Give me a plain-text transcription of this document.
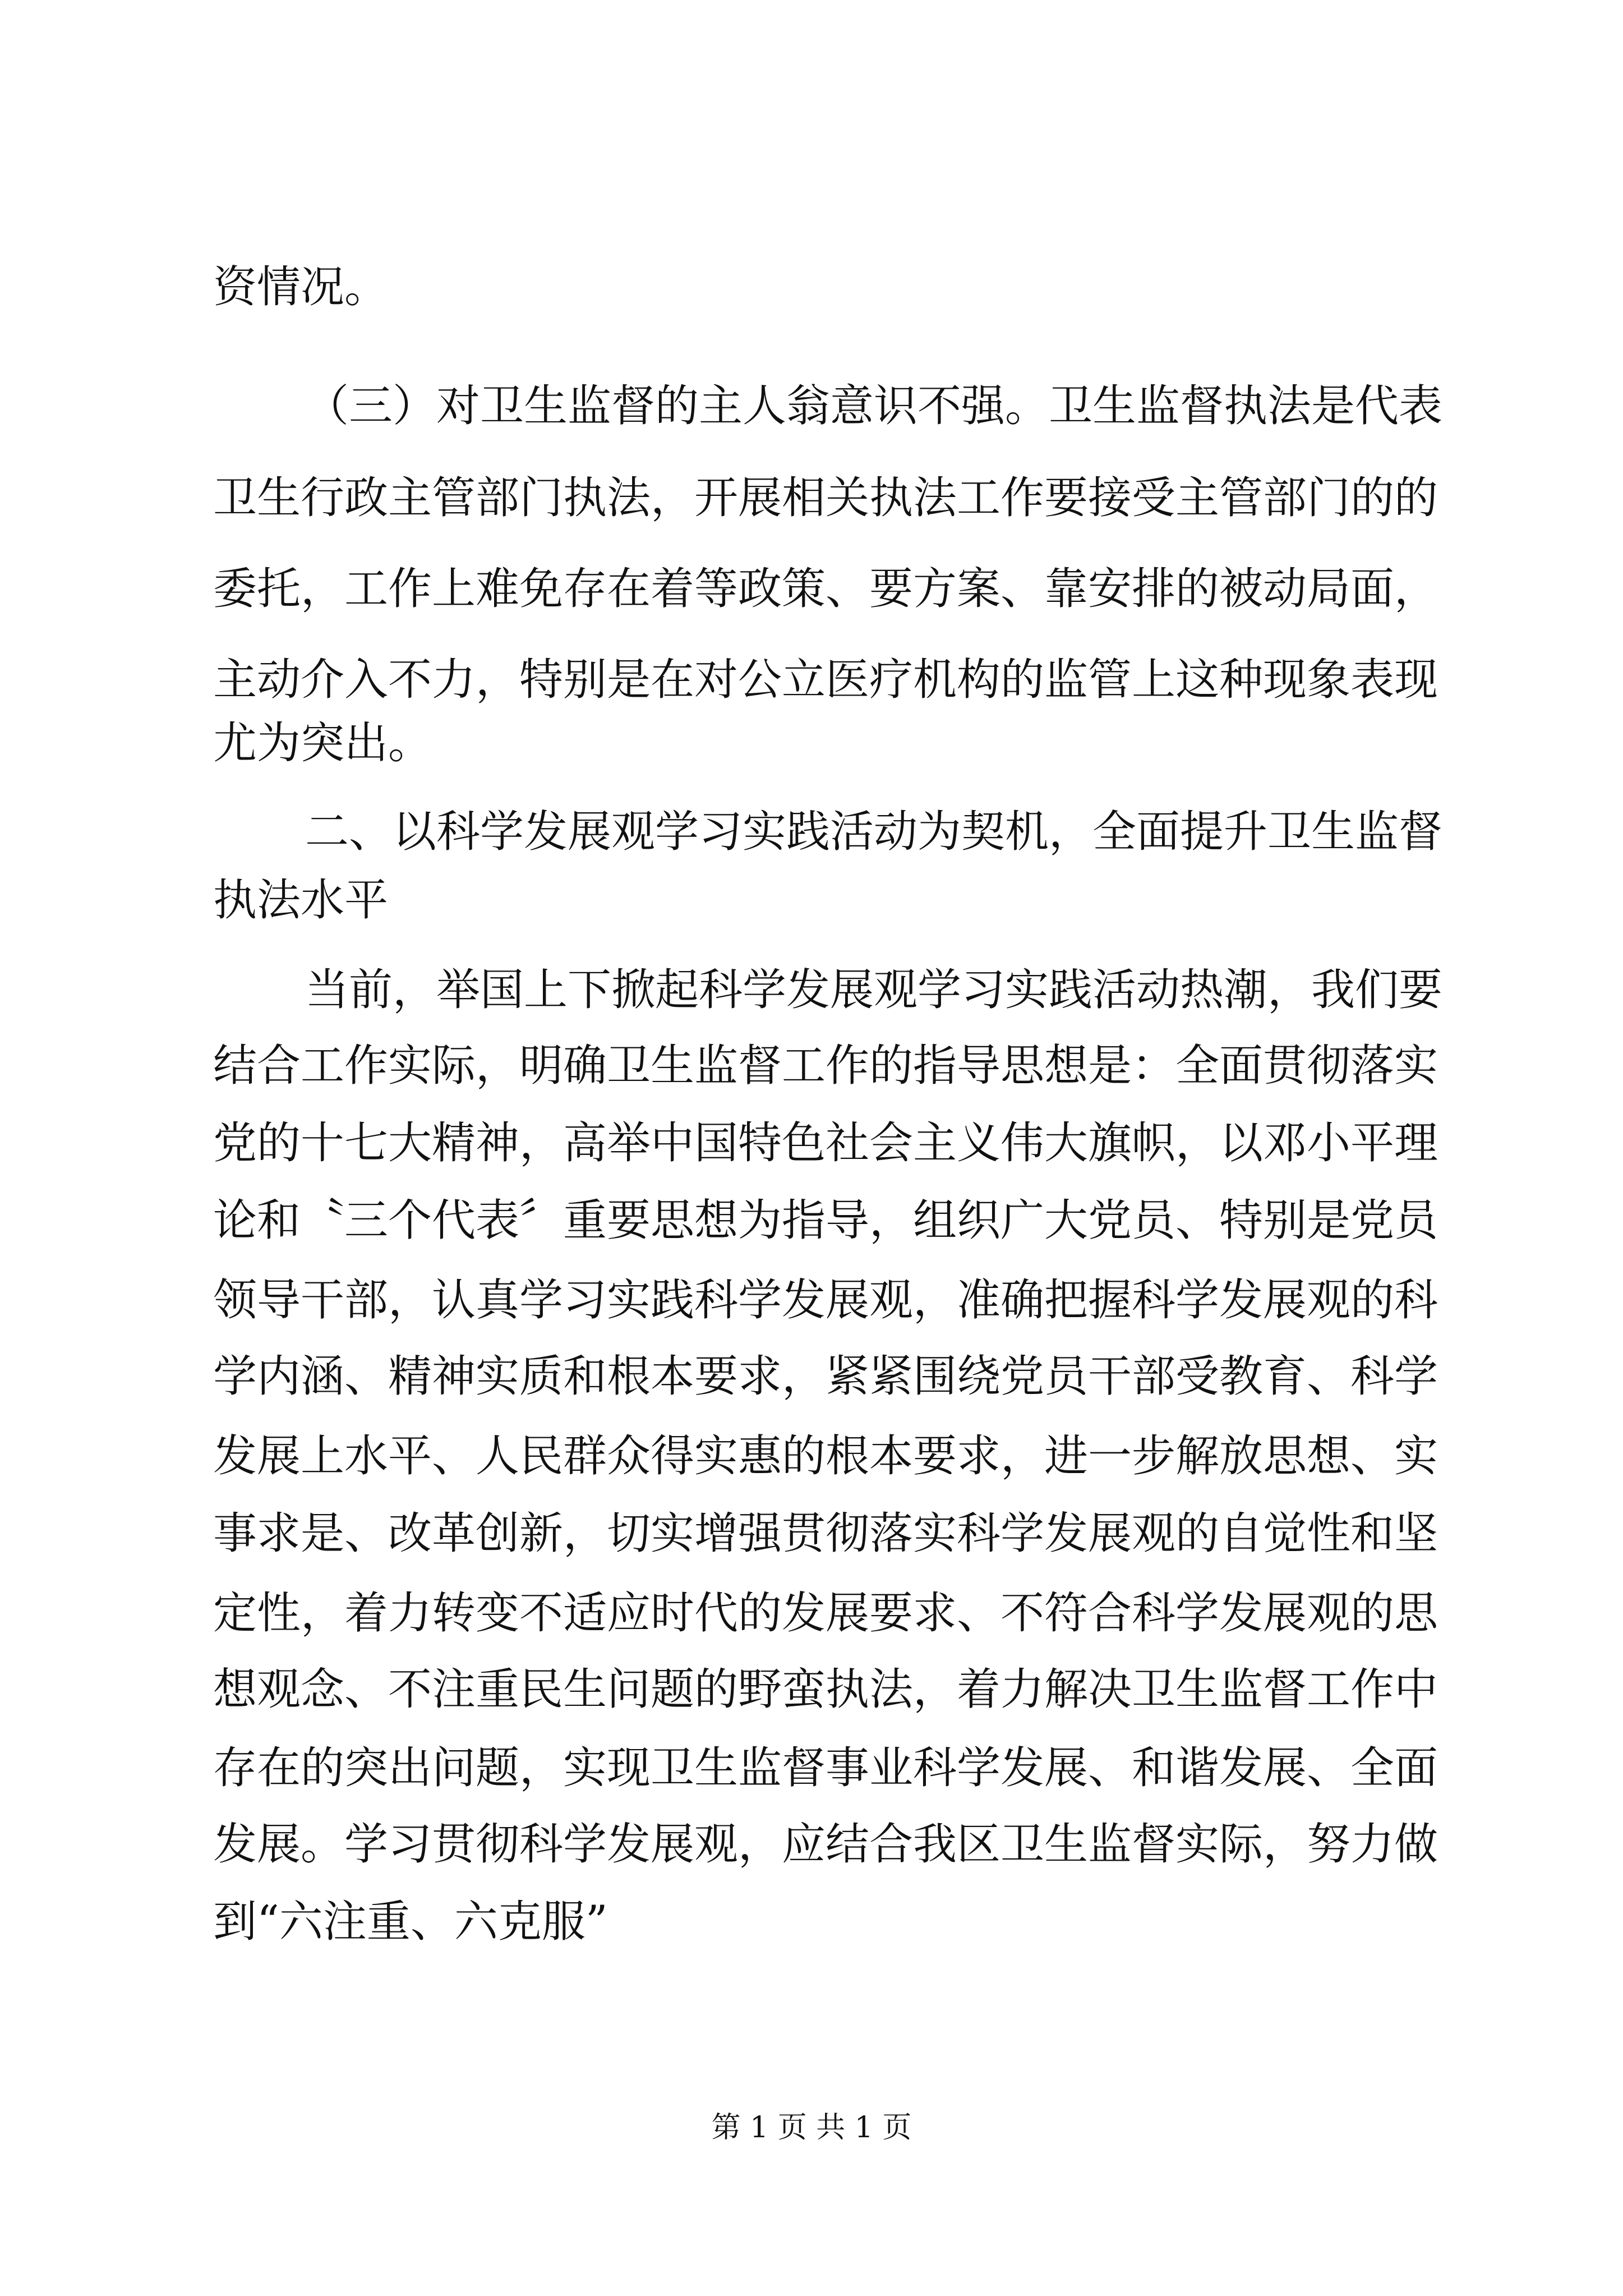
资情况。
（三）对卫生监督的主人翁意识不强。卫生监督执法是代表
卫生行政主管部门执法，开展相关执法工作要接受主管部门的的
委托，工作上难免存在着等政策、要方案、靠安排的被动局面，
主动介入不力，特别是在对公立医疗机构的监管上这种现象表现
尤为突出。
二、以科学发展观学习实践活动为契机，全面提升卫生监督
执法水平
当前，举国上下掀起科学发展观学习实践活动热潮，我们要
结合工作实际，明确卫生监督工作的指导思想是：全面贯彻落实
党的十七大精神，高举中国特色社会主义伟大旗帜，以邓小平理
论和〝三个代表〞重要思想为指导，组织广大党员、特别是党员
领导干部，认真学习实践科学发展观，准确把握科学发展观的科
学内涵、精神实质和根本要求，紧紧围绕党员干部受教育、科学
发展上水平、人民群众得实惠的根本要求，进一步解放思想、实
事求是、改革创新，切实增强贯彻落实科学发展观的自觉性和坚
定性，着力转变不适应时代的发展要求、不符合科学发展观的思
想观念、不注重民生问题的野蛮执法，着力解决卫生监督工作中
存在的突出问题，实现卫生监督事业科学发展、和谐发展、全面
发展。学习贯彻科学发展观，应结合我区卫生监督实际，努力做
到“六注重、六克服”
第 1 页 共 1 页
